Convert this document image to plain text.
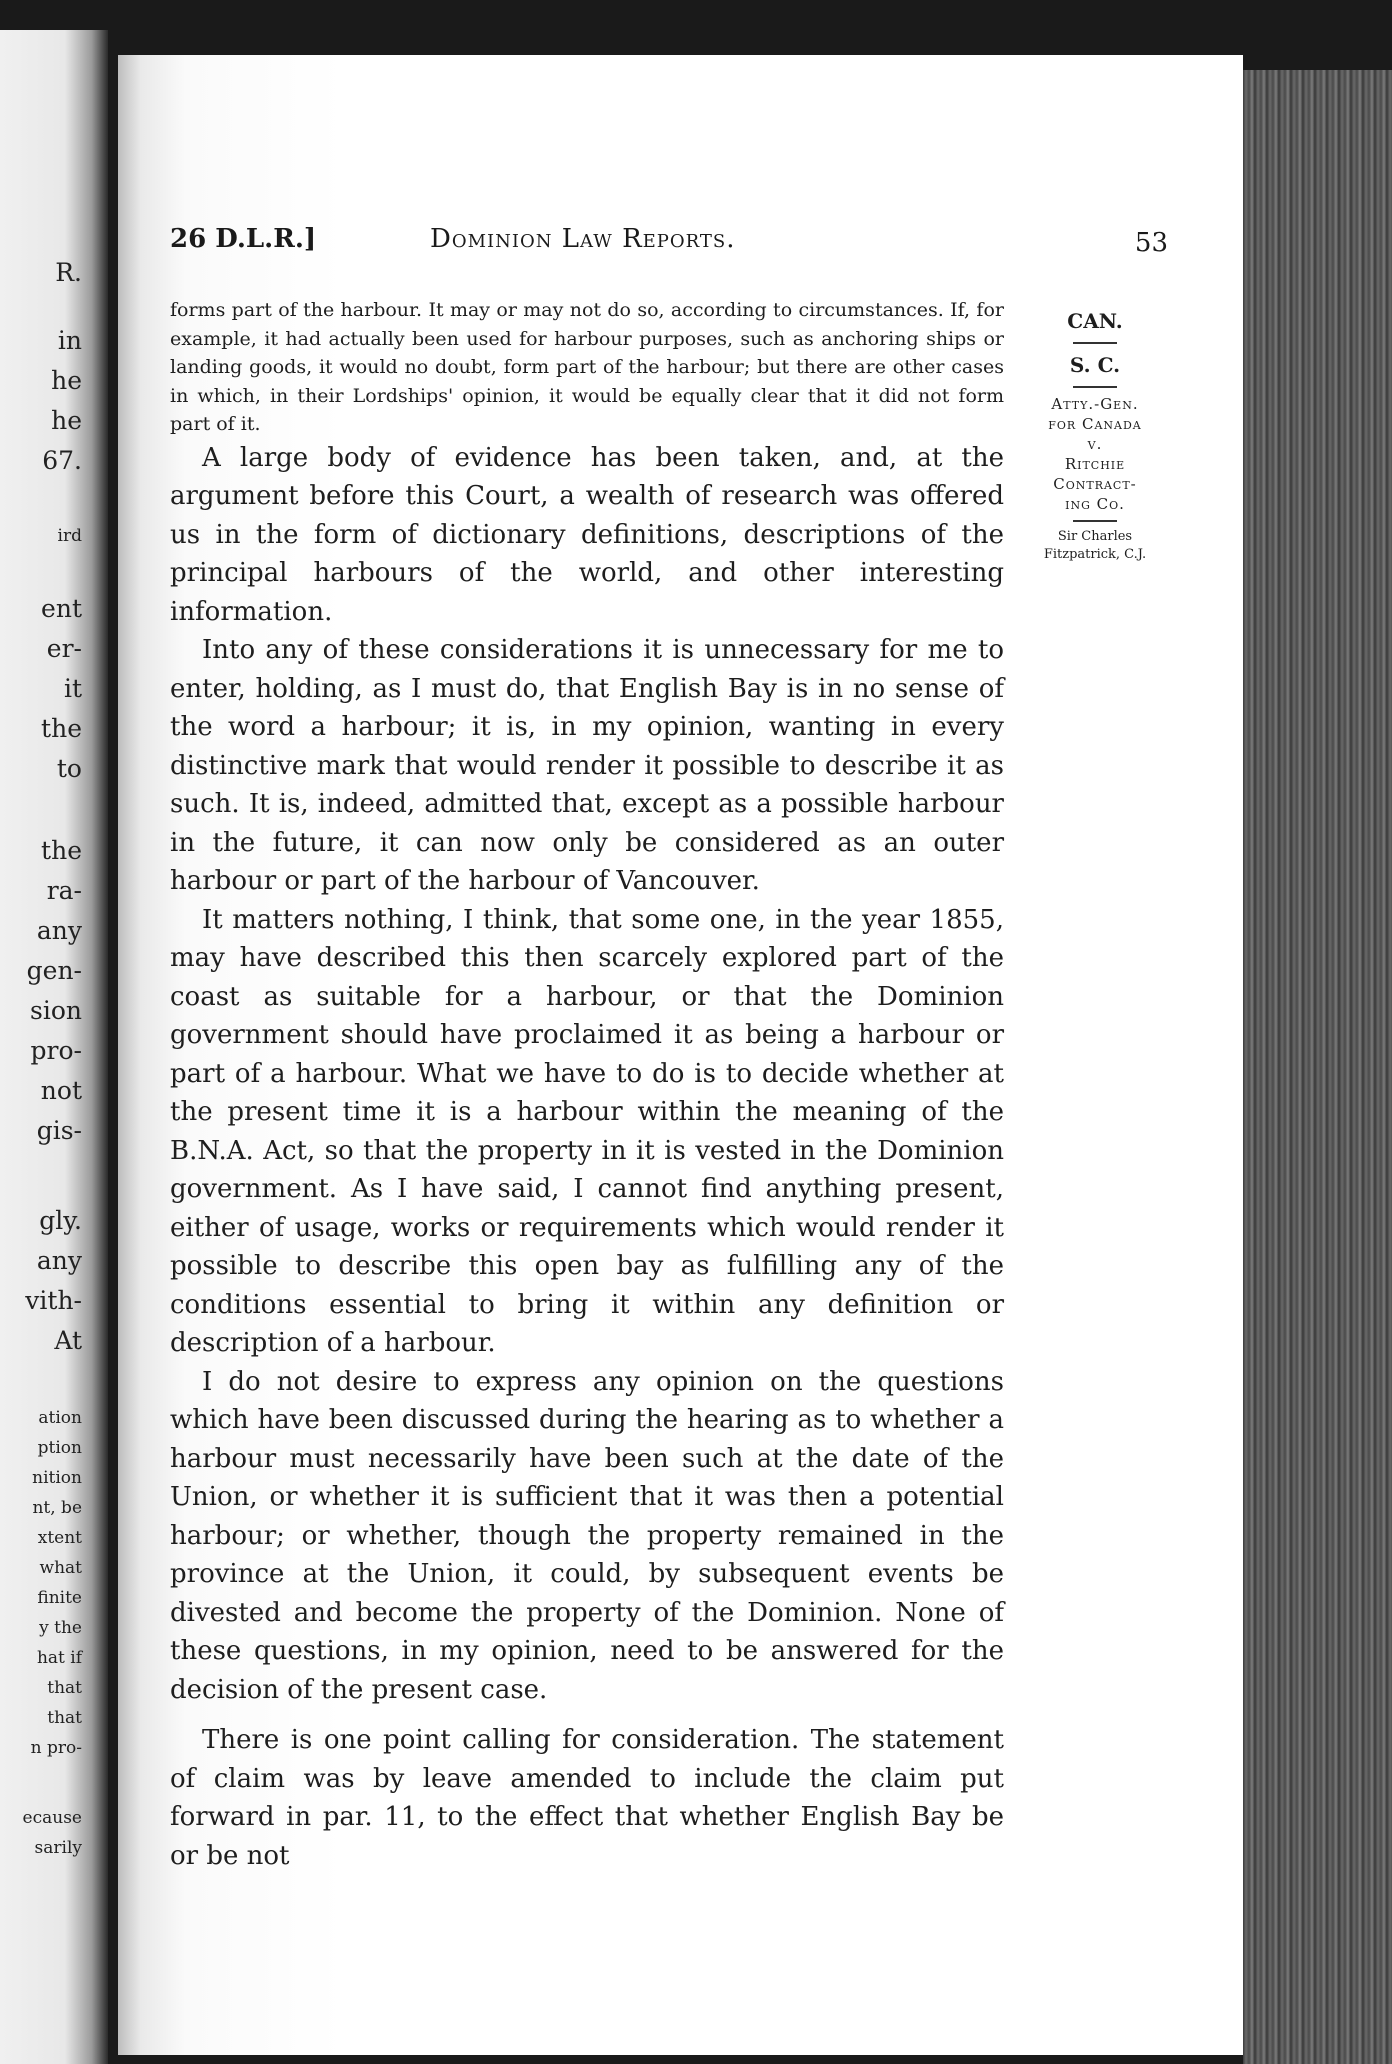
R.
in
he
he
67.
ird
ent
er-
it
the
to
the
ra-
any
gen-
sion
pro-
not
gis-
gly.
any
vith-
At
ation
ption
nition
nt, be
xtent
what
finite
y the
hat if
that
that
n pro-
ecause
sarily
26 D.L.R.]	Dominion Law Reports.	53
CAN.
S. C.
Atty.-Gen.
for Canada
v.
Ritchie
Contract-
ing Co.
Sir Charles
Fitzpatrick, C.J.

forms part of the harbour. It may or may not do so, according to circumstances. If, for example, it had actually been used for harbour purposes, such as anchoring ships or landing goods, it would no doubt, form part of the harbour; but there are other cases in which, in their Lordships' opinion, it would be equally clear that it did not form part of it.

A large body of evidence has been taken, and, at the argument before this Court, a wealth of research was offered us in the form of dictionary definitions, descriptions of the principal harbours of the world, and other interesting information.

Into any of these considerations it is unnecessary for me to enter, holding, as I must do, that English Bay is in no sense of the word a harbour; it is, in my opinion, wanting in every distinctive mark that would render it possible to describe it as such. It is, indeed, admitted that, except as a possible harbour in the future, it can now only be considered as an outer harbour or part of the harbour of Vancouver.

It matters nothing, I think, that some one, in the year 1855, may have described this then scarcely explored part of the coast as suitable for a harbour, or that the Dominion government should have proclaimed it as being a harbour or part of a harbour. What we have to do is to decide whether at the present time it is a harbour within the meaning of the B.N.A. Act, so that the property in it is vested in the Dominion government. As I have said, I cannot find anything present, either of usage, works or requirements which would render it possible to describe this open bay as fulfilling any of the conditions essential to bring it within any definition or description of a harbour.

I do not desire to express any opinion on the questions which have been discussed during the hearing as to whether a harbour must necessarily have been such at the date of the Union, or whether it is sufficient that it was then a potential harbour; or whether, though the property remained in the province at the Union, it could, by subsequent events be divested and become the property of the Dominion. None of these questions, in my opinion, need to be answered for the decision of the present case.

There is one point calling for consideration. The statement of claim was by leave amended to include the claim put forward in par. 11, to the effect that whether English Bay be or be not
